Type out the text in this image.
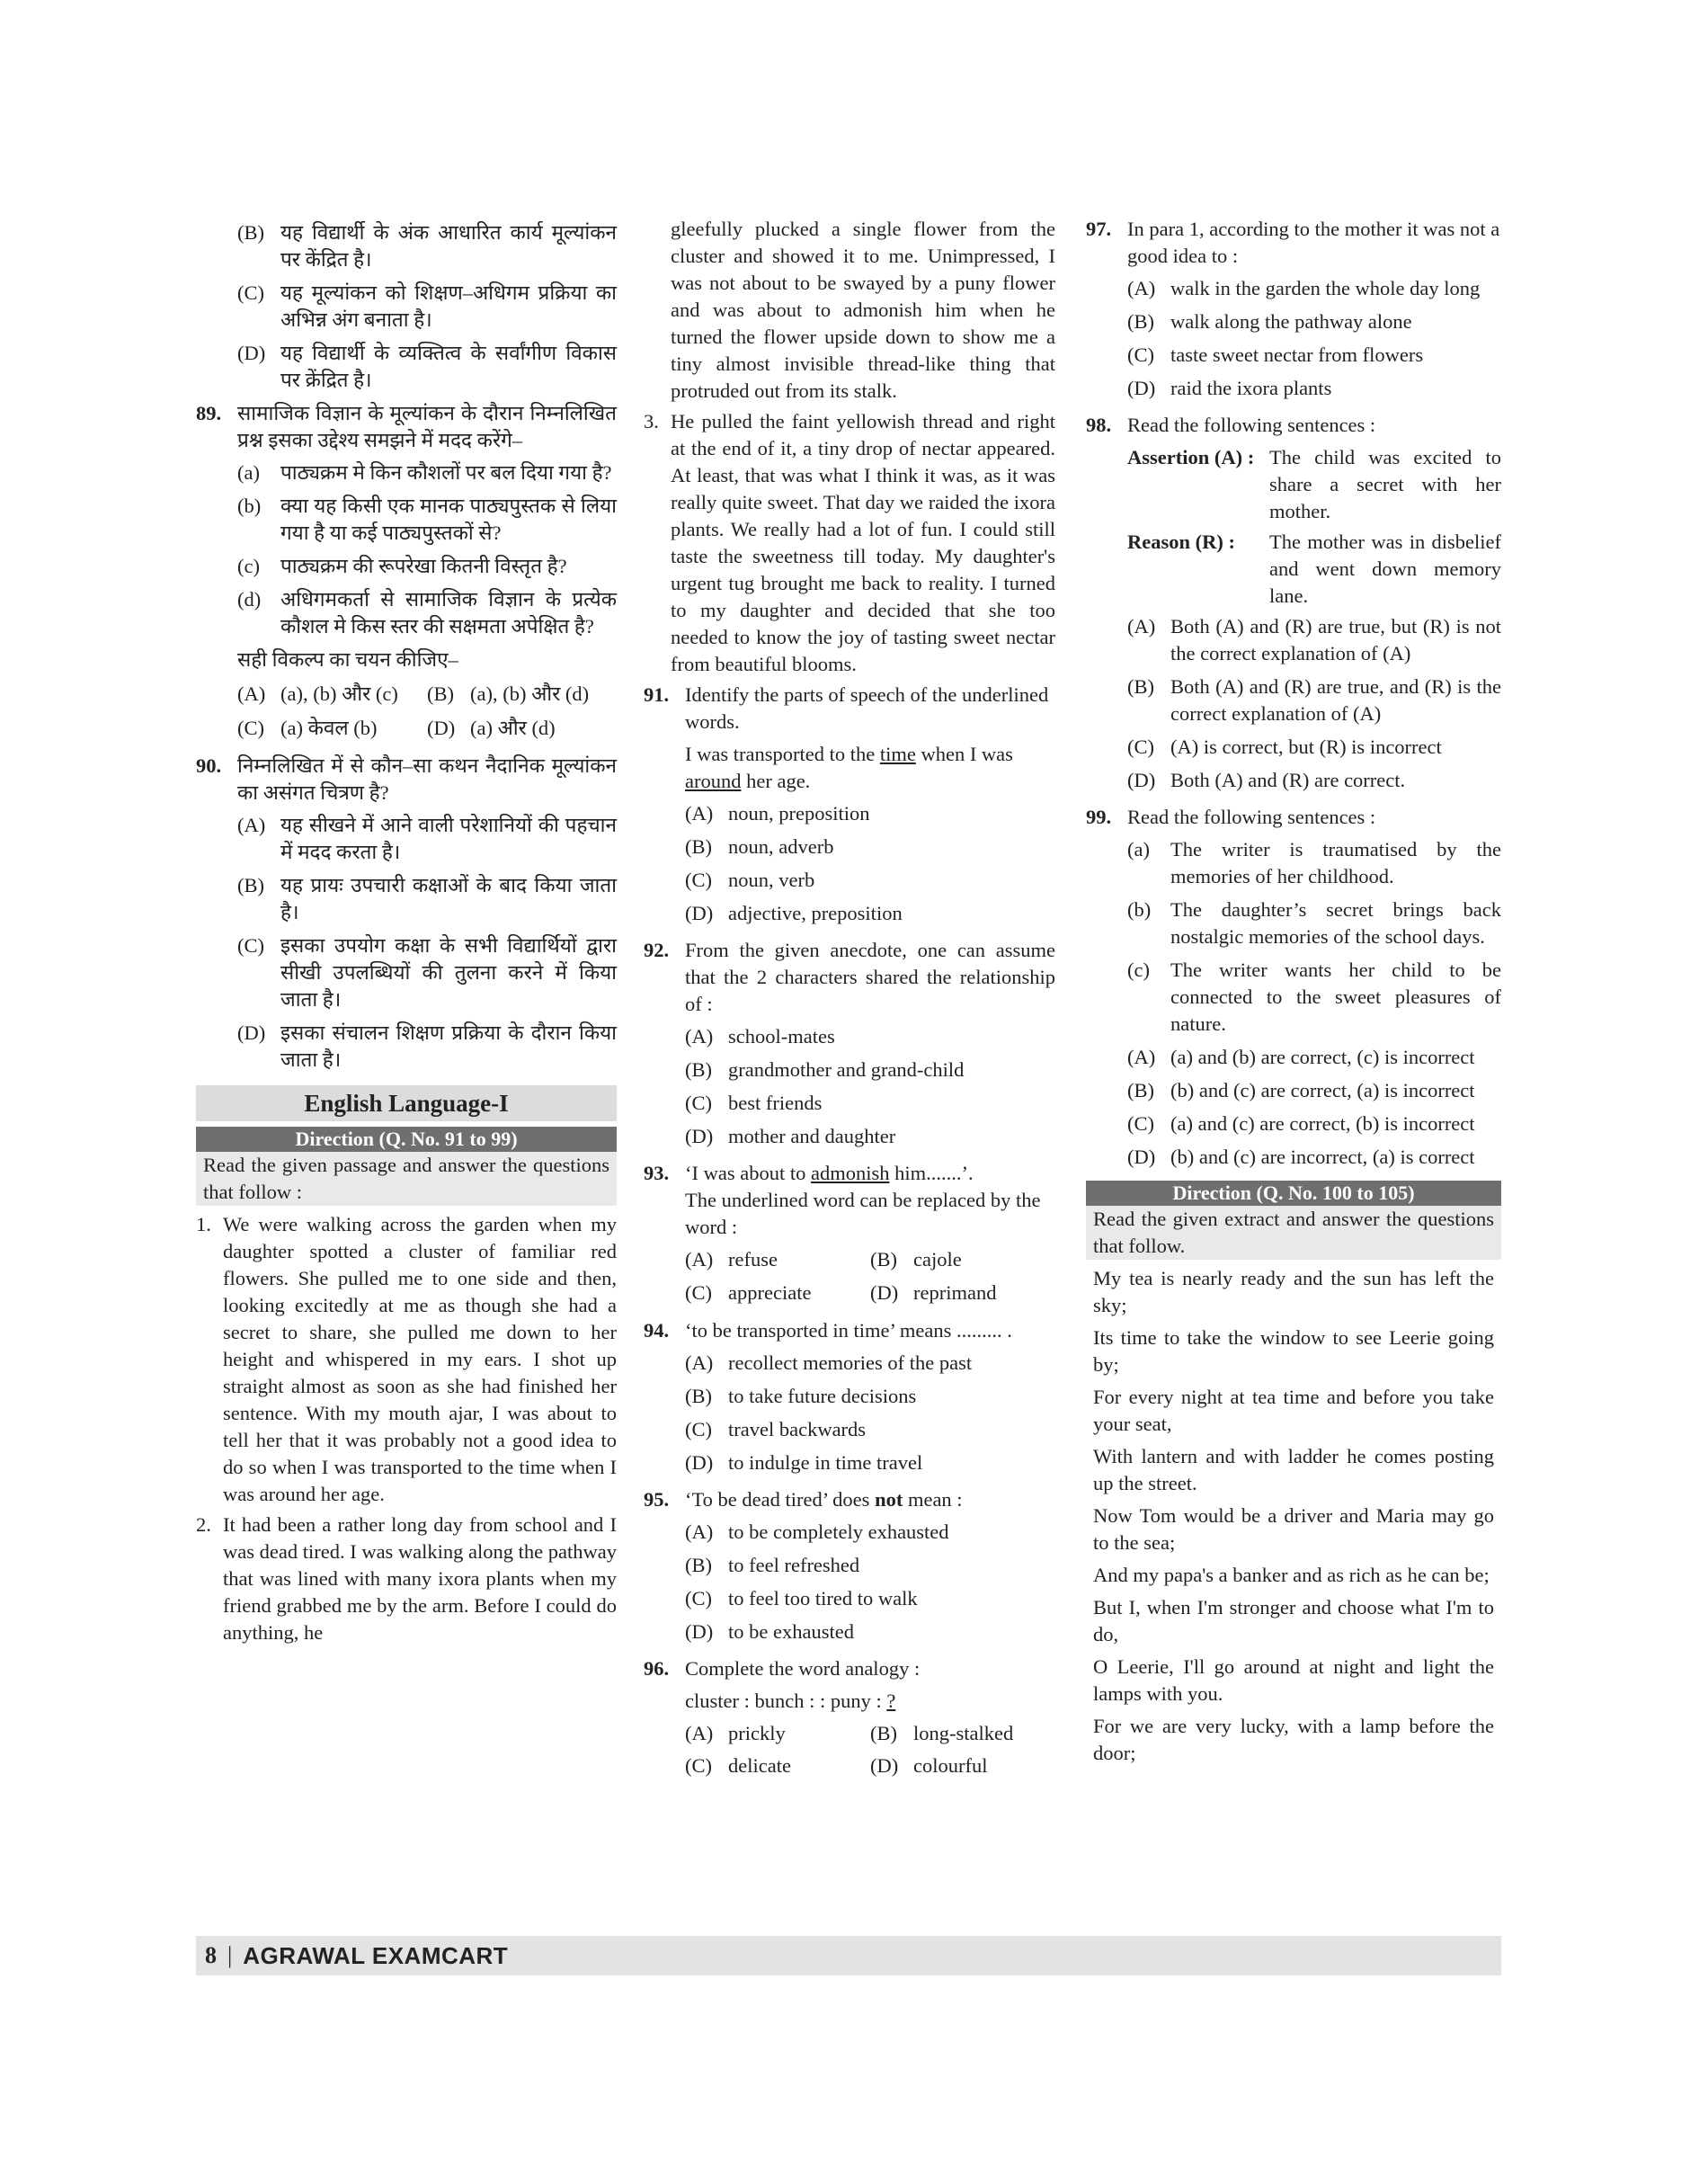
(B) यह विद्यार्थी के अंक आधारित कार्य मूल्यांकन पर केंद्रित है।
(C) यह मूल्यांकन को शिक्षण–अधिगम प्रक्रिया का अभिन्न अंग बनाता है।
(D) यह विद्यार्थी के व्यक्तित्व के सर्वांगीण विकास पर क्रेंद्रित है।
89. सामाजिक विज्ञान के मूल्यांकन के दौरान निम्नलिखित प्रश्न इसका उद्देश्य समझने में मदद करेंगे–

(a)	पाठ्यक्रम मे किन कौशलों पर बल दिया गया है?
(b) क्या यह किसी एक मानक पाठ्यपुस्तक से लिया गया है या कई पाठ्यपुस्तकों से?
(c)	पाठ्यक्रम की रूपरेखा कितनी विस्तृत है?
(d) अधिगमकर्ता से सामाजिक विज्ञान के प्रत्येक कौशल मे किस स्तर की सक्षमता अपेक्षित है?

सही विकल्प का चयन कीजिए–

(A) (a), (b) और (c) (B) (a), (b) और (d)
(C) (a) केवल (b) (D) (a) और (d)
90. निम्नलिखित में से कौन–सा कथन नैदानिक मूल्यांकन का असंगत चित्रण है?

(A) यह सीखने में आने वाली परेशानियों की पहचान में मदद करता है।
(B) यह प्रायः उपचारी कक्षाओं के बाद किया जाता है।
(C) इसका उपयोग कक्षा के सभी विद्यार्थियों द्वारा सीखी उपलब्धियों की तुलना करने में किया जाता है।
(D) इसका संचालन शिक्षण प्रक्रिया के दौरान किया जाता है।
English Language-I
Direction (Q. No. 91 to 99)
Read the given passage and answer the questions that follow :
1. We were walking across the garden when my daughter spotted a cluster of familiar red flowers. She pulled me to one side and then, looking excitedly at me as though she had a secret to share, she pulled me down to her height and whispered in my ears. I shot up straight almost as soon as she had finished her sentence. With my mouth ajar, I was about to tell her that it was probably not a good idea to do so when I was transported to the time when I was around her age.
2. It had been a rather long day from school and I was dead tired. I was walking along the pathway that was lined with many ixora plants when my friend grabbed me by the arm. Before I could do anything, he
gleefully plucked a single flower from the cluster and showed it to me. Unimpressed, I was not about to be swayed by a puny flower and was about to admonish him when he turned the flower upside down to show me a tiny almost invisible thread-like thing that protruded out from its stalk.
3. He pulled the faint yellowish thread and right at the end of it, a tiny drop of nectar appeared. At least, that was what I think it was, as it was really quite sweet. That day we raided the ixora plants. We really had a lot of fun. I could still taste the sweetness till today. My daughter's urgent tug brought me back to reality. I turned to my daughter and decided that she too needed to know the joy of tasting sweet nectar from beautiful blooms.
91. Identify the parts of speech of the underlined words.

I was transported to the time when I was around her age.

(A) noun, preposition
(B) noun, adverb
(C) noun, verb
(D) adjective, preposition
92. From the given anecdote, one can assume that the 2 characters shared the relationship of :

(A) school-mates
(B) grandmother and grand-child
(C) best friends
(D) mother and daughter
93. ‘I was about to admonish him.......’.

The underlined word can be replaced by the word :

(A) refuse	(B) cajole
(C) appreciate	(D) reprimand
94. ‘to be transported in time’ means ......... .

(A) recollect memories of the past
(B) to take future decisions
(C) travel backwards
(D) to indulge in time travel
95. ‘To be dead tired’ does not mean :

(A) to be completely exhausted
(B) to feel refreshed
(C) to feel too tired to walk
(D) to be exhausted
96. Complete the word analogy :

cluster : bunch : : puny : ?

(A) prickly	(B) long-stalked
(C) delicate	(D) colourful
97. In para 1, according to the mother it was not a good idea to :

(A) walk in the garden the whole day long
(B) walk along the pathway alone
(C) taste sweet nectar from flowers
(D) raid the ixora plants
98. Read the following sentences :

Assertion (A) : The child was excited to share a secret with her mother.
Reason (R) :	The mother was in disbelief and went down memory lane.
(A) Both (A) and (R) are true, but (R) is not the correct explanation of (A)
(B) Both (A) and (R) are true, and (R) is the correct explanation of (A)
(C) (A) is correct, but (R) is incorrect
(D) Both (A) and (R) are correct.
99. Read the following sentences :

(a)	The writer is traumatised by the memories of her childhood.
(b) The daughter’s secret brings back nostalgic memories of the school days.
(c)	The writer wants her child to be connected to the sweet pleasures of nature.
(A) (a) and (b) are correct, (c) is incorrect
(B) (b) and (c) are correct, (a) is incorrect
(C) (a) and (c) are correct, (b) is incorrect
(D) (b) and (c) are incorrect, (a) is correct
Direction (Q. No. 100 to 105)
Read the given extract and answer the questions that follow.

My tea is nearly ready and the sun has left the sky;

Its time to take the window to see Leerie going by;

For every night at tea time and before you take your seat,

With lantern and with ladder he comes posting up the street.

Now Tom would be a driver and Maria may go to the sea;

And my papa's a banker and as rich as he can be;

But I, when I'm stronger and choose what I'm to do,

O Leerie, I'll go around at night and light the lamps with you.

For we are very lucky, with a lamp before the door;

8 | AGRAWAL EXAMCART
